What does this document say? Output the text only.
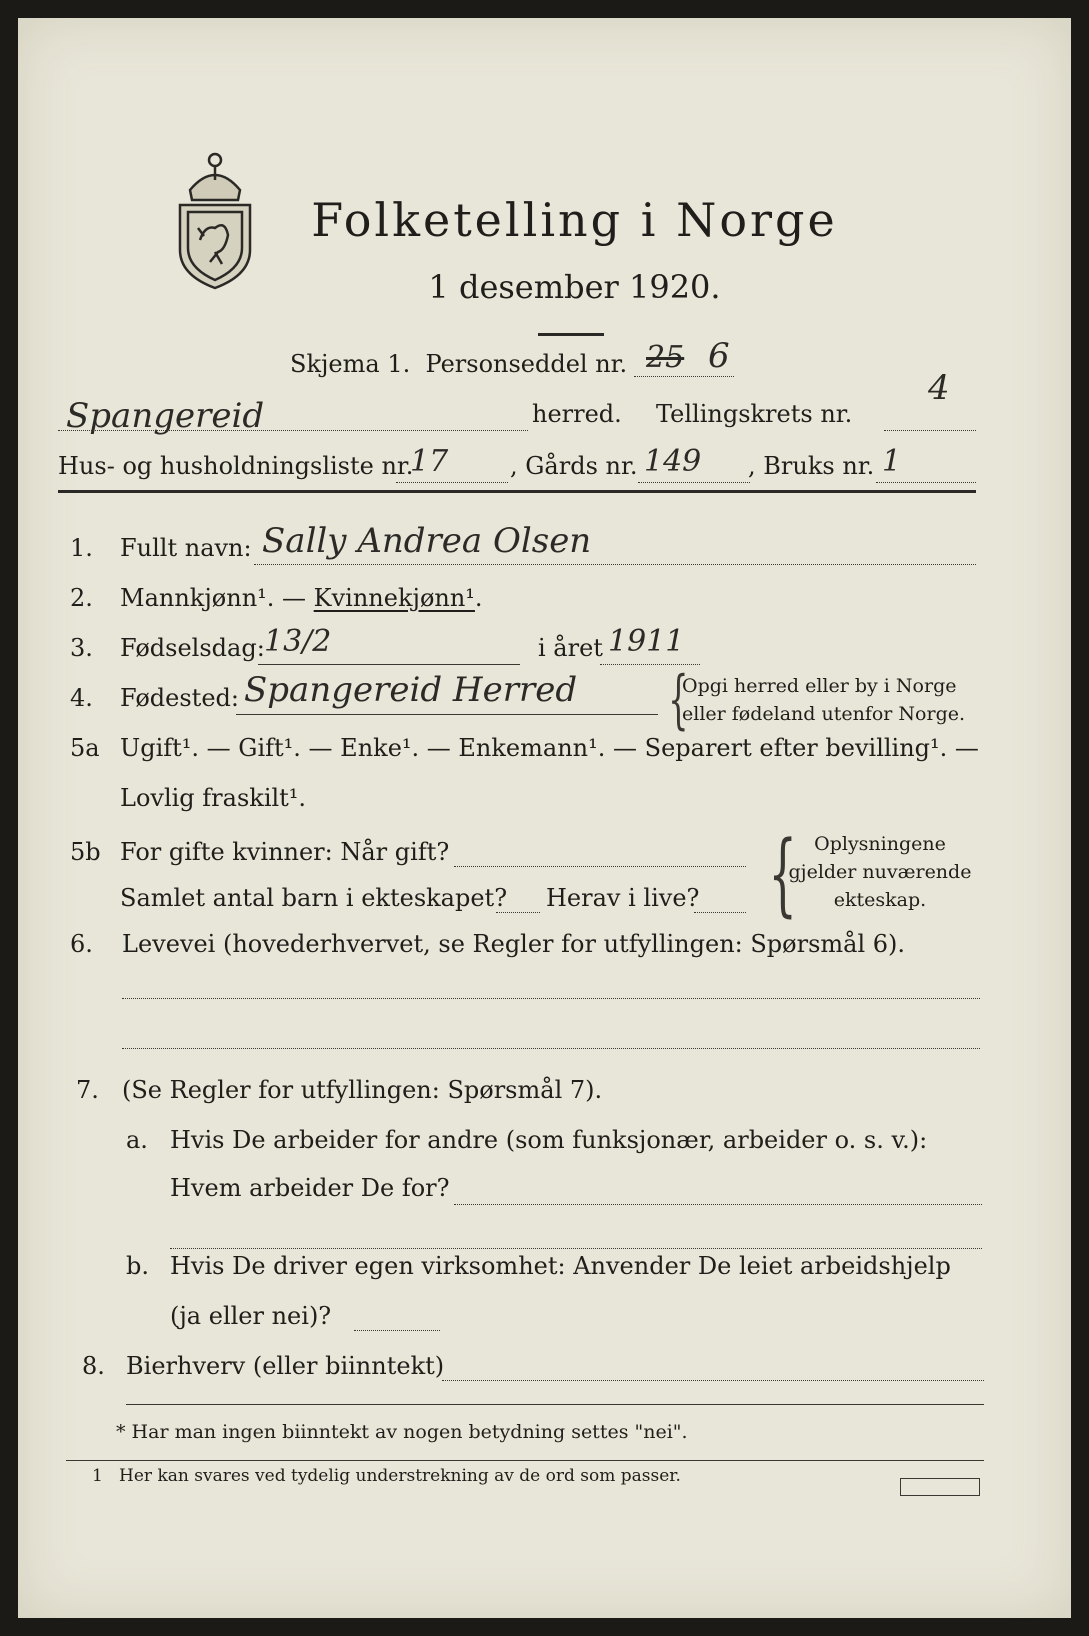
Folketelling i Norge
1 desember 1920.
Skjema 1. Personseddel nr. 25 6
Spangereid	herred. Tellingskrets nr.
4
Hus- og husholdningsliste nr.
17	, Gårds nr. 149 , Bruks nr. 1
1. Fullt navn: Sally Andrea Olsen
2. Mannkjønn¹. — Kvinnekjønn¹.
3. Fødselsdag: 13/2	i året 1911
4. Fødested: Spangereid Herred {
Opgi herred eller by i Norge
eller fødeland utenfor Norge.
5a Ugift¹. — Gift¹. — Enke¹. — Enkemann¹. — Separert efter bevilling¹. —
Lovlig fraskilt¹.
5b For gifte kvinner: Når gift?
Samlet antal barn i ekteskapet? Herav i live? { Oplysningene
gjelder nuværende
ekteskap.
6. Levevei (hovederhvervet, se Regler for utfyllingen: Spørsmål 6).
7. (Se Regler for utfyllingen: Spørsmål 7).
a. Hvis De arbeider for andre (som funksjonær, arbeider o. s. v.):
Hvem arbeider De for?
b. Hvis De driver egen virksomhet: Anvender De leiet arbeidshjelp
(ja eller nei)?
8. Bierhverv (eller biinntekt)
* Har man ingen biinntekt av nogen betydning settes "nei".
1 Her kan svares ved tydelig understrekning av de ord som passer.
